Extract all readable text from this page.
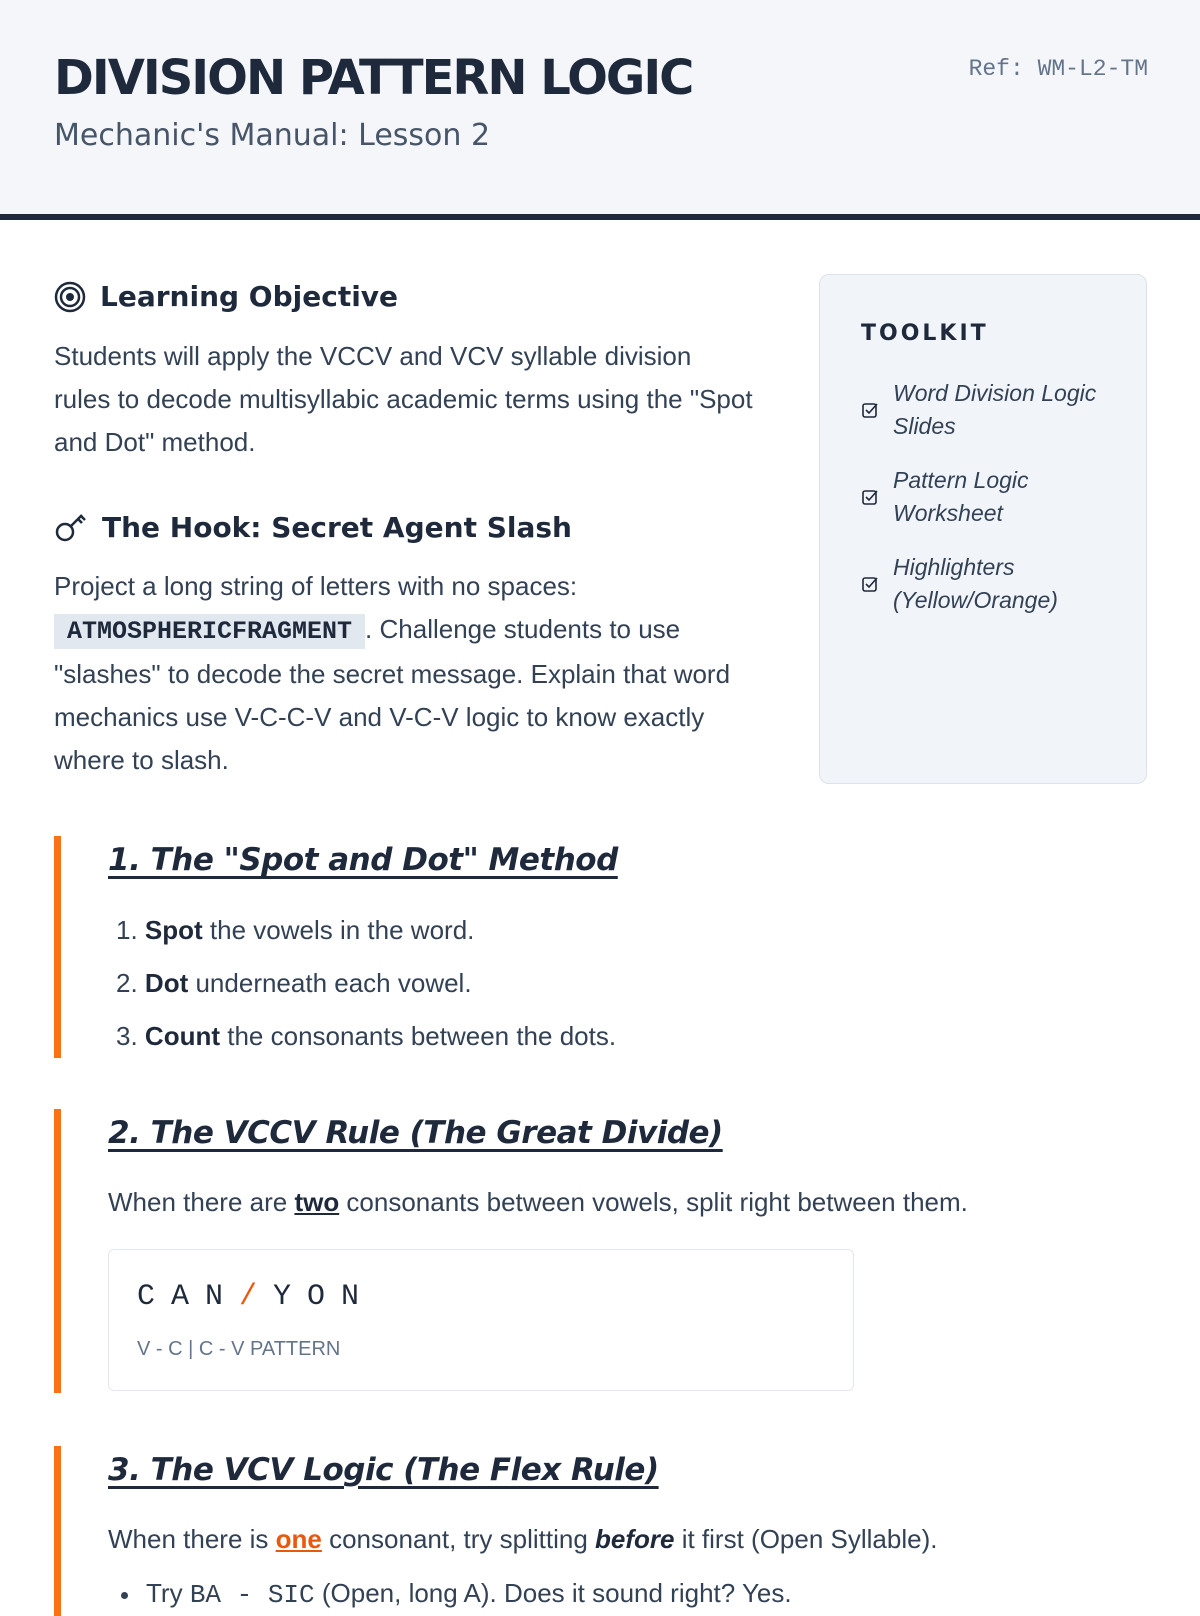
DIVISION PATTERN LOGIC
Mechanic's Manual: Lesson 2
Ref: WM-L2-TM
Learning Objective
Students will apply the VCCV and VCV syllable division rules to decode multisyllabic academic terms using the "Spot and Dot" method.
The Hook: Secret Agent Slash
Project a long string of letters with no spaces:
ATMOSPHERICFRAGMENT . Challenge students to use "slashes" to decode the secret message. Explain that word mechanics use V-C-C-V and V-C-V logic to know exactly where to slash.
TOOLKIT
Word Division Logic Slides
Pattern Logic Worksheet
Highlighters (Yellow/Orange)
1. The "Spot and Dot" Method
1. Spot the vowels in the word.
2. Dot underneath each vowel.
3. Count the consonants between the dots.
2. The VCCV Rule (The Great Divide)
When there are two consonants between vowels, split right between them.
CAN/YON
V - C | C - V PATTERN
3. The VCV Logic (The Flex Rule)
When there is one consonant, try splitting before it first (Open Syllable).
Try BA - SIC (Open, long A). Does it sound right? Yes.
